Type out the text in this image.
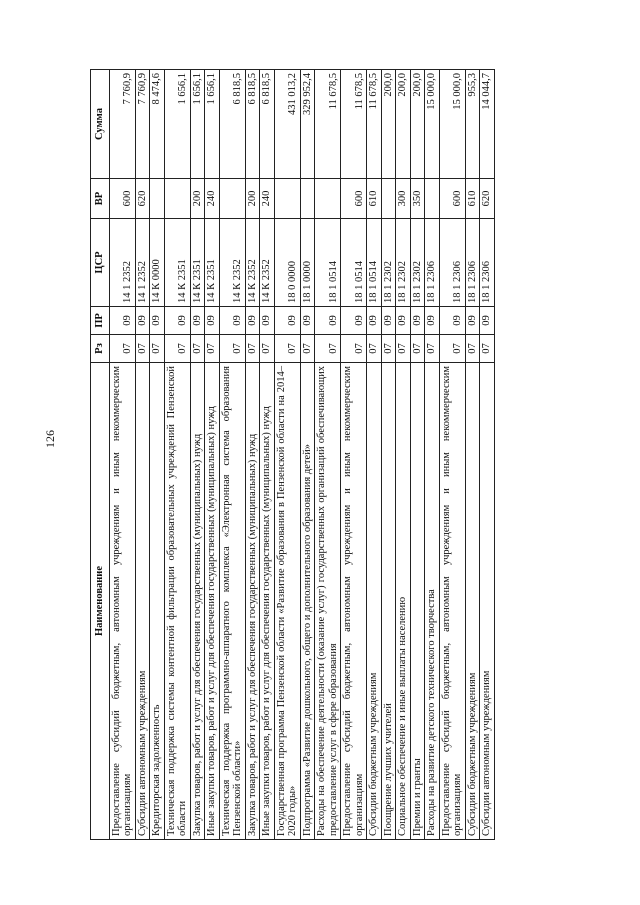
126
Наименование	Рз	ПР	ЦСР	ВР	Сумма
Предоставление субсидий бюджетным, автономным учреждениям и иным некоммерческим организациям	07	09	14 1 2352	600	7 760,9
Субсидии автономным учреждениям	07	09	14 1 2352	620	7 760,9
Кредиторская задолженность	07	09	14 К 0000		8 474,6
Техническая поддержка системы контентной фильтрации образовательных учреждений Пензенской области	07	09	14 К 2351		1 656,1
Закупка товаров, работ и услуг для обеспечения государственных (муниципальных) нужд	07	09	14 К 2351	200	1 656,1
Иные закупки товаров, работ и услуг для обеспечения государственных (муниципальных) нужд	07	09	14 К 2351	240	1 656,1
Техническая поддержка программно-аппаратного комплекса «Электронная система образования Пензенской области»	07	09	14 К 2352		6 818,5
Закупка товаров, работ и услуг для обеспечения государственных (муниципальных) нужд	07	09	14 К 2352	200	6 818,5
Иные закупки товаров, работ и услуг для обеспечения государственных (муниципальных) нужд	07	09	14 К 2352	240	6 818,5
Государственная программа Пензенской области «Развитие образования в Пензенской области на 2014–2020 годы»	07	09	18 0 0000		431 013,2
Подпрограмма «Развитие дошкольного, общего и дополнительного образования детей»	07	09	18 1 0000		329 952,4
Расходы на обеспечение деятельности (оказание услуг) государственных организаций обеспечивающих предоставление услуг в сфере образования	07	09	18 1 0514		11 678,5
Предоставление субсидий бюджетным, автономным учреждениям и иным некоммерческим организациям	07	09	18 1 0514	600	11 678,5
Субсидии бюджетным учреждениям	07	09	18 1 0514	610	11 678,5
Поощрение лучших учителей	07	09	18 1 2302		200,0
Социальное обеспечение и иные выплаты населению	07	09	18 1 2302	300	200,0
Премии и гранты	07	09	18 1 2302	350	200,0
Расходы на развитие детского технического творчества	07	09	18 1 2306		15 000,0
Предоставление субсидий бюджетным, автономным учреждениям и иным некоммерческим организациям	07	09	18 1 2306	600	15 000,0
Субсидии бюджетным учреждениям	07	09	18 1 2306	610	955,3
Субсидии автономным учреждениям	07	09	18 1 2306	620	14 044,7
